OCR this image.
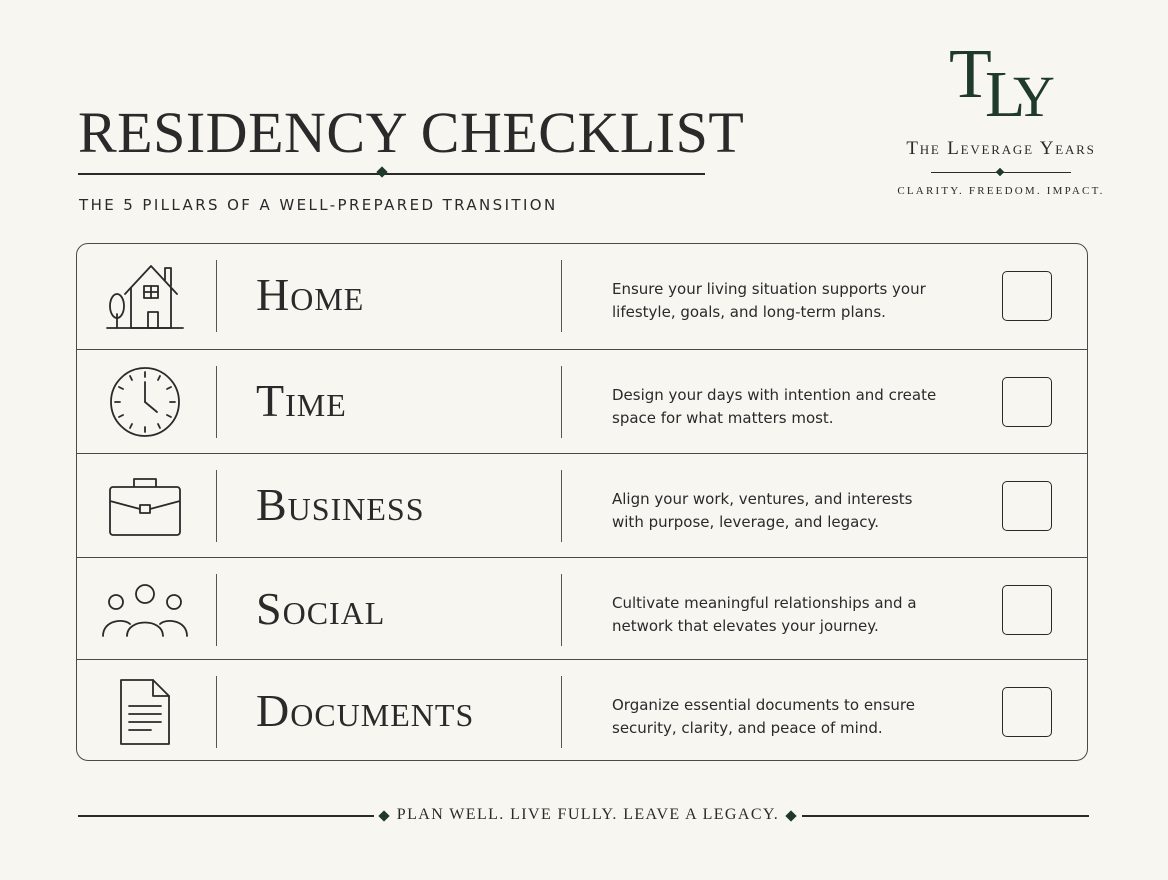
RESIDENCY CHECKLIST
THE 5 PILLARS OF A WELL-PREPARED TRANSITION
T
L
Y
The Leverage Years
CLARITY. FREEDOM. IMPACT.
Home	Ensure your living situation supports your lifestyle, goals, and long-term plans.
Time	Design your days with intention and create space for what matters most.
Business	Align your work, ventures, and interests with purpose, leverage, and legacy.
Social	Cultivate meaningful relationships and a network that elevates your journey.
Documents	Organize essential documents to ensure security, clarity, and peace of mind.
PLAN WELL. LIVE FULLY. LEAVE A LEGACY.
